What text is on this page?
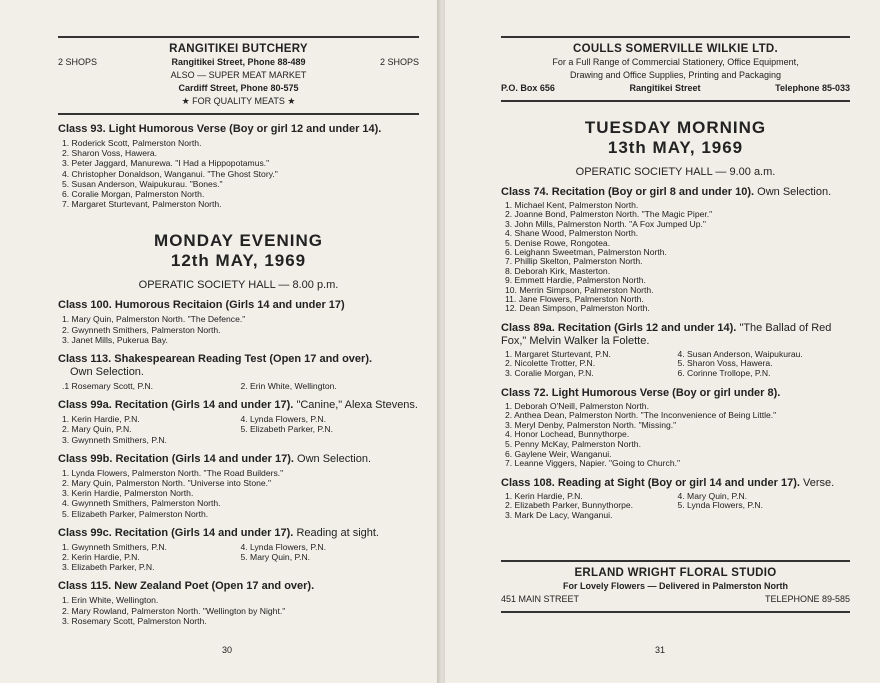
RANGITIKEI BUTCHERY
2 SHOPS	Rangitikei Street, Phone 88-489	2 SHOPS
ALSO — SUPER MEAT MARKET
Cardiff Street, Phone 80-575
★ FOR QUALITY MEATS ★
Class 93. Light Humorous Verse (Boy or girl 12 and under 14).
1. Roderick Scott, Palmerston North.
2. Sharon Voss, Hawera.
3. Peter Jaggard, Manurewa. "I Had a Hippopotamus."
4. Christopher Donaldson, Wanganui. "The Ghost Story."
5. Susan Anderson, Waipukurau. "Bones."
6. Coralie Morgan, Palmerston North.
7. Margaret Sturtevant, Palmerston North.
MONDAY EVENING
12th MAY, 1969
OPERATIC SOCIETY HALL — 8.00 p.m.
Class 100. Humorous Recitaion (Girls 14 and under 17)
1. Mary Quin, Palmerston North. "The Defence."
2. Gwynneth Smithers, Palmerston North.
3. Janet Mills, Pukerua Bay.
Class 113. Shakespearean Reading Test (Open 17 and over).
Own Selection.
.1 Rosemary Scott, P.N.	2. Erin White, Wellington.
Class 99a. Recitation (Girls 14 and under 17). "Canine," Alexa Stevens.
1. Kerin Hardie, P.N.
2. Mary Quin, P.N.
3. Gwynneth Smithers, P.N.
4. Lynda Flowers, P.N.
5. Elizabeth Parker, P.N.
Class 99b. Recitation (Girls 14 and under 17). Own Selection.
1. Lynda Flowers, Palmerston North. "The Road Builders."
2. Mary Quin, Palmerston North. "Universe into Stone."
3. Kerin Hardie, Palmerston North.
4. Gwynneth Smithers, Palmerston North.
5. Elizabeth Parker, Palmerston North.
Class 99c. Recitation (Girls 14 and under 17). Reading at sight.
1. Gwynneth Smithers, P.N.
2. Kerin Hardie, P.N.
3. Elizabeth Parker, P.N.
4. Lynda Flowers, P.N.
5. Mary Quin, P.N.
Class 115. New Zealand Poet (Open 17 and over).
1. Erin White, Wellington.
2. Mary Rowland, Palmerston North. "Wellington by Night."
3. Rosemary Scott, Palmerston North.
30
COULLS SOMERVILLE WILKIE LTD.
For a Full Range of Commercial Stationery, Office Equipment,
Drawing and Office Supplies, Printing and Packaging
P.O. Box 656	Rangitikei Street	Telephone 85-033
TUESDAY MORNING
13th MAY, 1969
OPERATIC SOCIETY HALL — 9.00 a.m.
Class 74. Recitation (Boy or girl 8 and under 10). Own Selection.
1. Michael Kent, Palmerston North.
2. Joanne Bond, Palmerston North. "The Magic Piper."
3. John Mills, Palmerston North. "A Fox Jumped Up."
4. Shane Wood, Palmerston North.
5. Denise Rowe, Rongotea.
6. Leighann Sweetman, Palmerston North.
7. Phillip Skelton, Palmerston North.
8. Deborah Kirk, Masterton.
9. Emmett Hardie, Palmerston North.
10. Merrin Simpson, Palmerston North.
11. Jane Flowers, Palmerston North.
12. Dean Simpson, Palmerston North.
Class 89a. Recitation (Girls 12 and under 14). "The Ballad of Red Fox," Melvin Walker la Folette.
1. Margaret Sturtevant, P.N.
2. Nicolette Trotter, P.N.
3. Coralie Morgan, P.N.
4. Susan Anderson, Waipukurau.
5. Sharon Voss, Hawera.
6. Corinne Trollope, P.N.
Class 72. Light Humorous Verse (Boy or girl under 8).
1. Deborah O'Neill, Palmerston North.
2. Anthea Dean, Palmerston North. "The Inconvenience of Being Little."
3. Meryl Denby, Palmerston North. "Missing."
4. Honor Lochead, Bunnythorpe.
5. Penny McKay, Palmerston North.
6. Gaylene Weir, Wanganui.
7. Leanne Viggers, Napier. "Going to Church."
Class 108. Reading at Sight (Boy or girl 14 and under 17). Verse.
1. Kerin Hardie, P.N.
2. Elizabeth Parker, Bunnythorpe.
3. Mark De Lacy, Wanganui.
4. Mary Quin, P.N.
5. Lynda Flowers, P.N.
ERLAND WRIGHT FLORAL STUDIO
For Lovely Flowers — Delivered in Palmerston North
451 MAIN STREET	TELEPHONE 89-585
31
